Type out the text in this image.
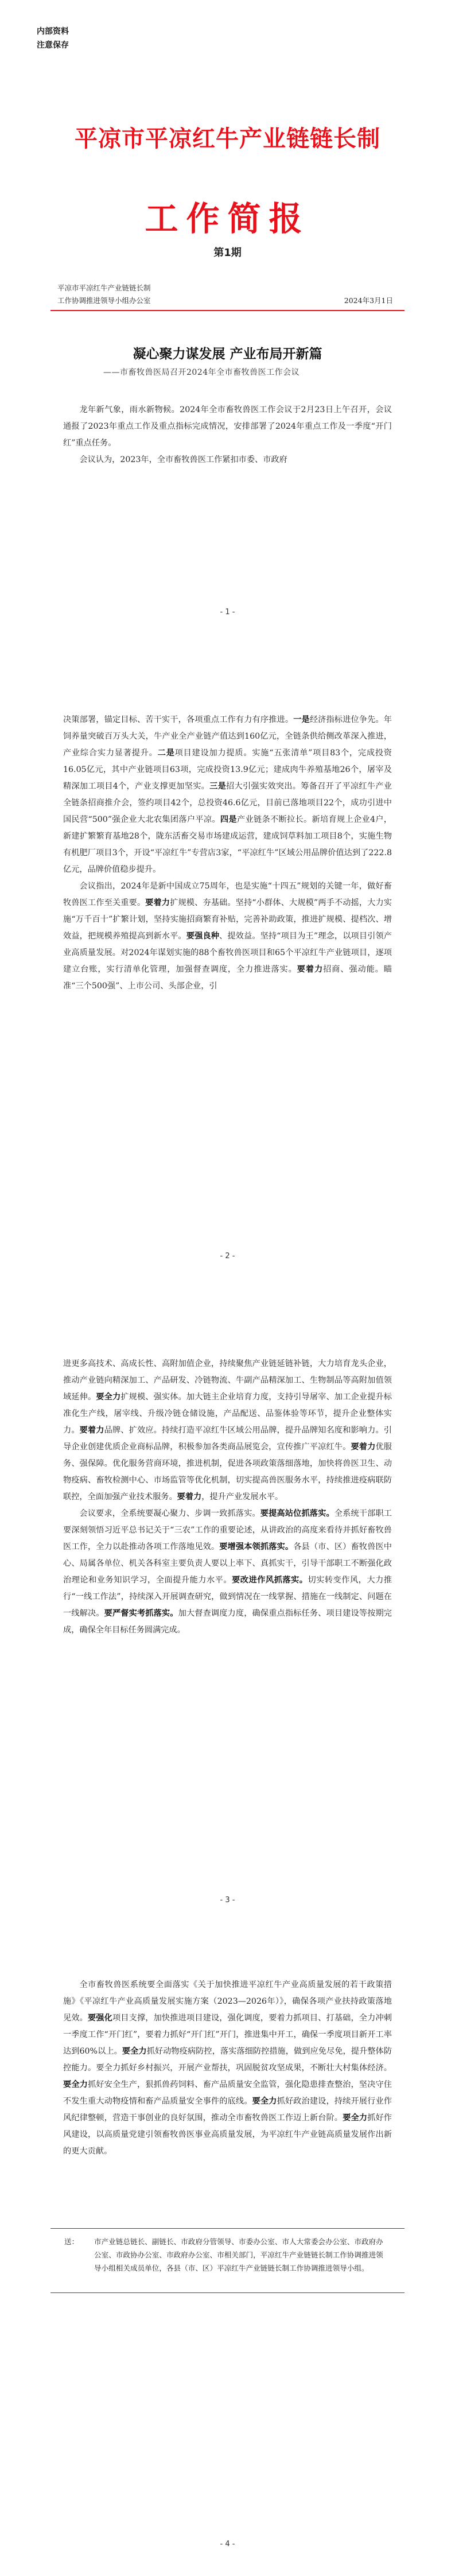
内部资料
注意保存
平凉市平凉红牛产业链链长制
工作简报
第1期
平凉市平凉红牛产业链链长制
工作协调推进领导小组办公室	2024年3月1日
凝心聚力谋发展 产业布局开新篇
——市畜牧兽医局召开2024年全市畜牧兽医工作会议

龙年新气象，雨水新物候。2024年全市畜牧兽医工作会议于2月23日上午召开，会议通报了2023年重点工作及重点指标完成情况，安排部署了2024年重点工作及一季度“开门红”重点任务。

会议认为，2023年，全市畜牧兽医工作紧扣市委、市政府

- 1 -

决策部署，锚定目标、苦干实干，各项重点工作有力有序推进。一是经济指标进位争先。年饲养量突破百万头大关，牛产业全产业链产值达到160亿元，全链条供给侧改革深入推进，产业综合实力显著提升。二是项目建设加力提质。实施“五张清单”项目83个，完成投资16.05亿元，其中产业链项目63项，完成投资13.9亿元；建成肉牛养殖基地26个，屠宰及精深加工项目4个，产业支撑更加坚实。三是招大引强实效突出。筹备召开了平凉红牛产业全链条招商推介会，签约项目42个，总投资46.6亿元，目前已落地项目22个，成功引进中国民营“500”强企业大北农集团落户平凉。四是产业链条不断拉长。新培育规上企业4户，新建扩繁繁育基地28个，陇东活畜交易市场建成运营，建成饲草料加工项目8个，实施生物有机肥厂项目3个，开设“平凉红牛”专营店3家，“平凉红牛”区域公用品牌价值达到了222.8亿元，品牌价值稳步提升。

会议指出，2024年是新中国成立75周年，也是实施“十四五”规划的关键一年，做好畜牧兽医工作至关重要。要着力扩规模、夯基础。坚持“小群体、大规模”两手不动摇，大力实施“万千百十”扩繁计划，坚持实施招商繁育补贴，完善补助政策，推进扩规模、提档次、增效益，把规模养殖提高到新水平。要强良种、提效益。坚持“项目为王”理念，以项目引领产业高质量发展。对2024年谋划实施的88个畜牧兽医项目和65个平凉红牛产业链项目，逐项建立台账，实行清单化管理，加强督查调度，全力推进落实。要着力招商、强动能。瞄准“三个500强”、上市公司、头部企业，引

- 2 -

进更多高技术、高成长性、高附加值企业，持续聚焦产业链延链补链，大力培育龙头企业，推动产业链向精深加工、产品研发、冷链物流、牛副产品精深加工、生物制品等高附加值领域延伸。要全力扩规模、强实体。加大链主企业培育力度，支持引导屠宰、加工企业提升标准化生产线，屠宰线、升级冷链仓储设施，产品配送、品鉴体验等环节，提升企业整体实力。要着力品牌、扩效应。持续打造平凉红牛区域公用品牌，提升品牌知名度和影响力。引导企业创建优质企业商标品牌，积极参加各类商品展览会，宣传推广平凉红牛。要着力优服务、强保障。优化服务营商环境，推进机制，促进各项政策落细落地，加快将兽医卫生、动物疫病、畜牧检测中心、市场监管等优化机制，切实提高兽医服务水平，持续推进疫病联防联控，全面加强产业技术服务。要着力，提升产业发展水平。

会议要求，全系统要凝心聚力、步调一致抓落实。要提高站位抓落实。全系统干部职工要深刻领悟习近平总书记关于“三农”工作的重要论述，从讲政治的高度来看待并抓好畜牧兽医工作，全力以赴推动各项工作落地见效。要增强本领抓落实。各县（市、区）畜牧兽医中心、局属各单位、机关各科室主要负责人要以上率下、真抓实干，引导干部职工不断强化政治理论和业务知识学习，全面提升能力水平。要改进作风抓落实。切实转变作风，大力推行“一线工作法”，持续深入开展调查研究，做到情况在一线掌握、措施在一线制定、问题在一线解决。要严督实考抓落实。加大督查调度力度，确保重点指标任务、项目建设等按期完成，确保全年目标任务圆满完成。

- 3 -

全市畜牧兽医系统要全面落实《关于加快推进平凉红牛产业高质量发展的若干政策措施》《平凉红牛产业高质量发展实施方案（2023—2026年）》，确保各项产业扶持政策落地见效。要强化项目支撑，加快推进项目建设，强化调度，要着力抓项目、打基础，全力冲刺一季度工作“开门红”，要着力抓好“开门红”开门，推进集中开工，确保一季度项目新开工率达到60%以上。要全力抓好动物疫病防控，落实落细防控措施，做到应免尽免，提升整体防控能力。要全力抓好乡村振兴，开展产业帮扶，巩固脱贫攻坚成果，不断壮大村集体经济。要全力抓好安全生产，狠抓兽药饲料、畜产品质量安全监管，强化隐患排查整治，坚决守住不发生重大动物疫情和畜产品质量安全事件的底线。要全力抓好政治建设，持续开展行业作风纪律整顿，营造干事创业的良好氛围，推动全市畜牧兽医工作迈上新台阶。要全力抓好作风建设，以高质量党建引领畜牧兽医事业高质量发展，为平凉红牛产业链高质量发展作出新的更大贡献。

送： 市产业链总链长、副链长、市政府分管领导、市委办公室、市人大常委会办公室、市政府办公室、市政协办公室、市政府办公室、市相关部门，平凉红牛产业链链长制工作协调推进领导小组相关成员单位，各县（市、区）平凉红牛产业链链长制工作协调推进领导小组。
- 4 -
